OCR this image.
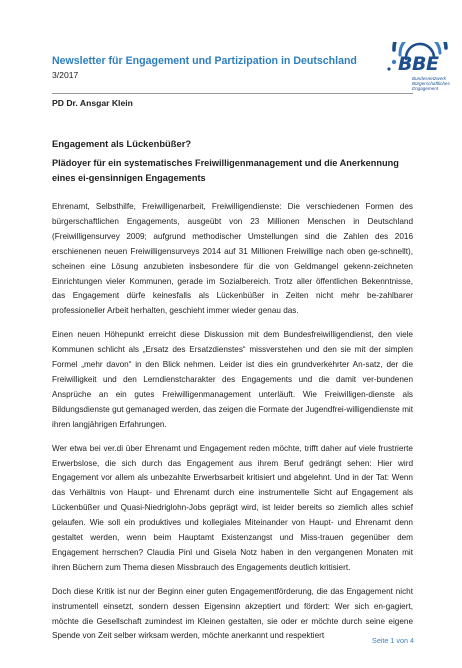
Newsletter für Engagement und Partizipation in Deutschland
3/2017	BBE
Bundesnetzwerk
Bürgerschaftliches
Engagement
PD Dr. Ansgar Klein
Engagement als Lückenbüßer?
Plädoyer für ein systematisches Freiwilligenmanagement und die Anerkennung eines ei-gensinnigen Engagements

Ehrenamt, Selbsthilfe, Freiwilligenarbeit, Freiwilligendienste: Die verschiedenen Formen des bürgerschaftlichen Engagements, ausgeübt von 23 Millionen Menschen in Deutschland (Freiwilligensurvey 2009; aufgrund methodischer Umstellungen sind die Zahlen des 2016 erschienenen neuen Freiwilligensurveys 2014 auf 31 Millionen Freiwillige nach oben ge-schnellt), scheinen eine Lösung anzubieten insbesondere für die von Geldmangel gekenn-zeichneten Einrichtungen vieler Kommunen, gerade im Sozialbereich. Trotz aller öffentlichen Bekenntnisse, das Engagement dürfe keinesfalls als Lückenbüßer in Zeiten nicht mehr be-zahlbarer professioneller Arbeit herhalten, geschieht immer wieder genau das.

Einen neuen Höhepunkt erreicht diese Diskussion mit dem Bundesfreiwilligendienst, den viele Kommunen schlicht als „Ersatz des Ersatzdienstes“ missverstehen und den sie mit der simplen Formel „mehr davon“ in den Blick nehmen. Leider ist dies ein grundverkehrter An-satz, der die Freiwilligkeit und den Lerndienstcharakter des Engagements und die damit ver-bundenen Ansprüche an ein gutes Freiwilligenmanagement unterläuft. Wie Freiwilligen-dienste als Bildungsdienste gut gemanaged werden, das zeigen die Formate der Jugendfrei-willigendienste mit ihren langjährigen Erfahrungen.

Wer etwa bei ver.di über Ehrenamt und Engagement reden möchte, trifft daher auf viele frustrierte Erwerbslose, die sich durch das Engagement aus ihrem Beruf gedrängt sehen: Hier wird Engagement vor allem als unbezahlte Erwerbsarbeit kritisiert und abgelehnt. Und in der Tat: Wenn das Verhältnis von Haupt- und Ehrenamt durch eine instrumentelle Sicht auf Engagement als Lückenbüßer und Quasi-Niedriglohn-Jobs geprägt wird, ist leider bereits so ziemlich alles schief gelaufen. Wie soll ein produktives und kollegiales Miteinander von Haupt- und Ehrenamt denn gestaltet werden, wenn beim Hauptamt Existenzangst und Miss-trauen gegenüber dem Engagement herrschen? Claudia Pinl und Gisela Notz haben in den vergangenen Monaten mit ihren Büchern zum Thema diesen Missbrauch des Engagements deutlich kritisiert.

Doch diese Kritik ist nur der Beginn einer guten Engagementförderung, die das Engagement nicht instrumentell einsetzt, sondern dessen Eigensinn akzeptiert und fördert: Wer sich en-gagiert, möchte die Gesellschaft zumindest im Kleinen gestalten, sie oder er möchte durch seine eigene Spende von Zeit selber wirksam werden, möchte anerkannt und respektiert

Seite 1 von 4
